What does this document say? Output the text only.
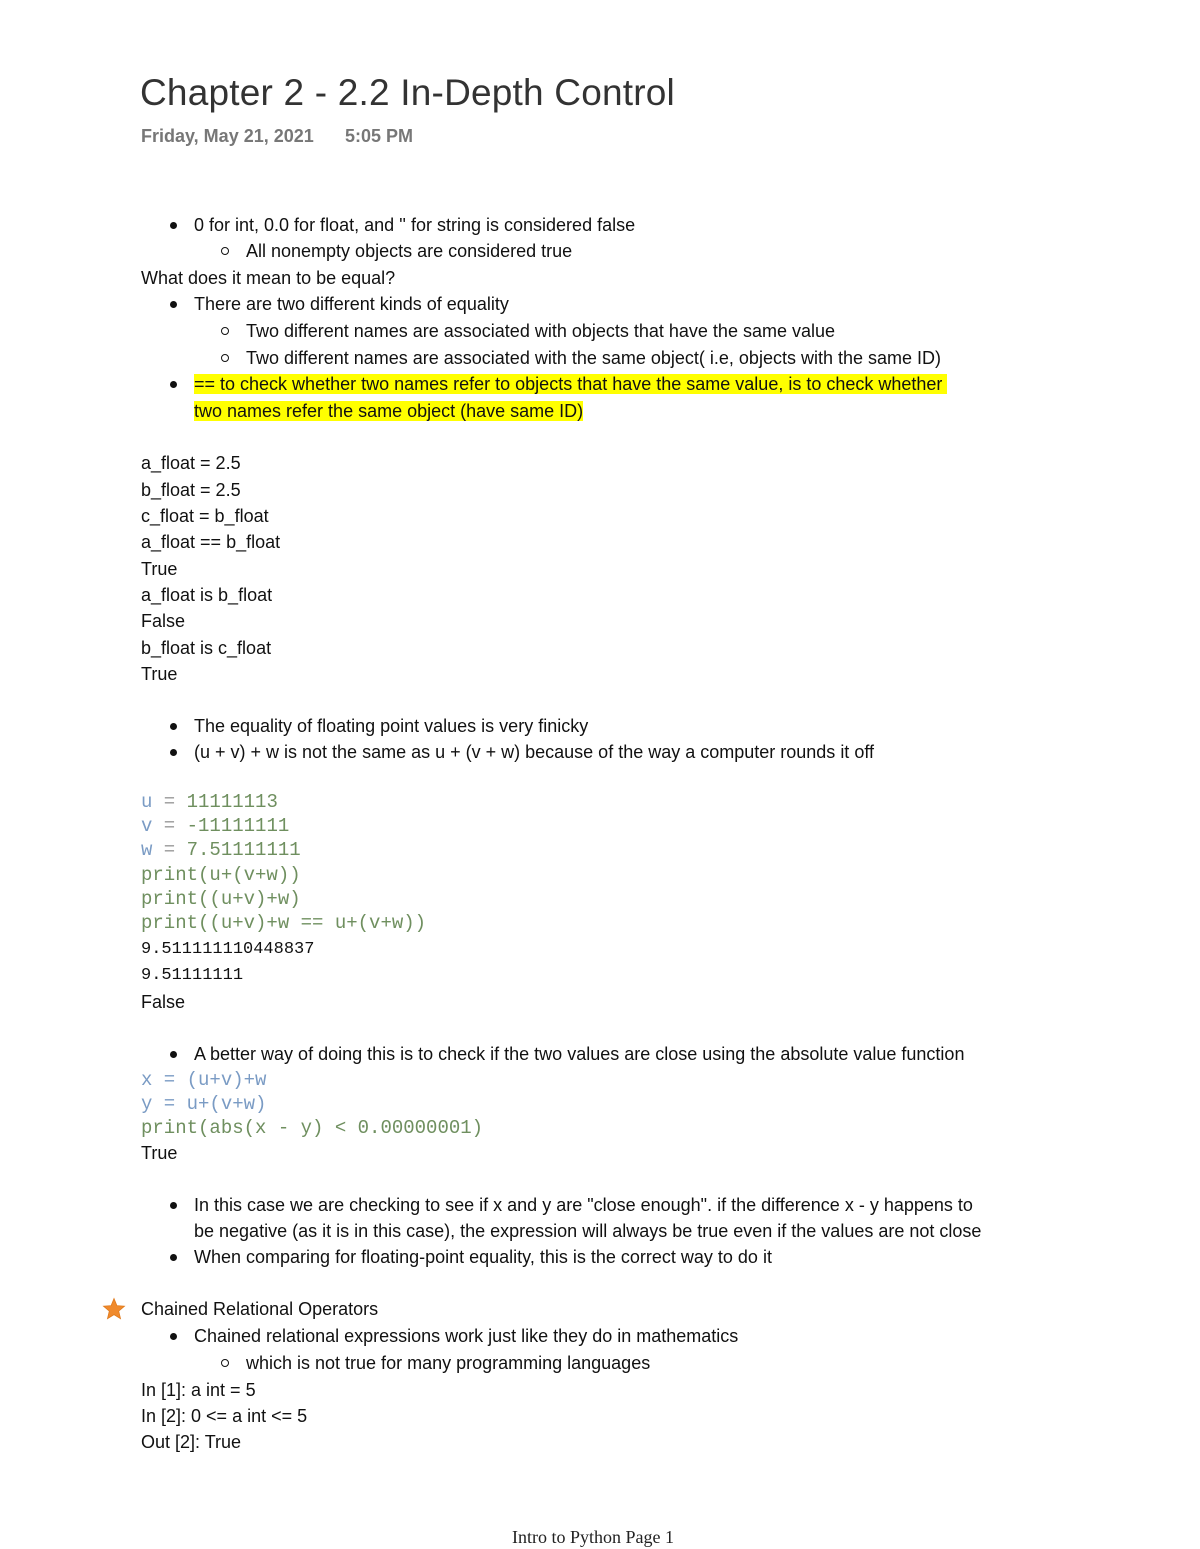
Chapter 2 - 2.2 In-Depth Control
Friday, May 21, 2021 5:05 PM
0 for int, 0.0 for float, and '' for string is considered false
All nonempty objects are considered true
What does it mean to be equal?
There are two different kinds of equality
Two different names are associated with objects that have the same value
Two different names are associated with the same object( i.e, objects with the same ID)
== to check whether two names refer to objects that have the same value, is to check whether
two names refer the same object (have same ID)
a_float = 2.5
b_float = 2.5
c_float = b_float
a_float == b_float
True
a_float is b_float
False
b_float is c_float
True
The equality of floating point values is very finicky
(u + v) + w is not the same as u + (v + w) because of the way a computer rounds it off
u = 11111113
v = -11111111
w = 7.51111111
print(u+(v+w))
print((u+v)+w)
print((u+v)+w == u+(v+w))
9.511111110448837
9.51111111
False
A better way of doing this is to check if the two values are close using the absolute value function
x = (u+v)+w
y = u+(v+w)
print(abs(x - y) < 0.00000001)
True
In this case we are checking to see if x and y are "close enough". if the difference x - y happens to
be negative (as it is in this case), the expression will always be true even if the values are not close
When comparing for floating-point equality, this is the correct way to do it
Chained Relational Operators
Chained relational expressions work just like they do in mathematics
which is not true for many programming languages
In [1]: a int = 5
In [2]: 0 <= a int <= 5
Out [2]: True
Intro to Python Page 1
